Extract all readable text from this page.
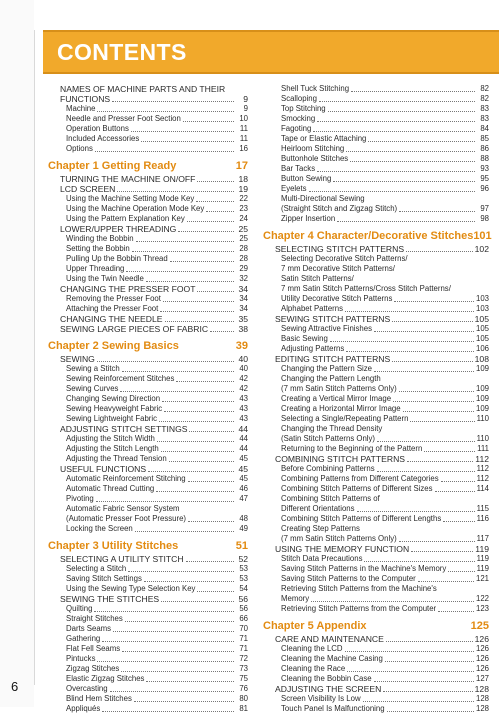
6
CONTENTS
NAMES OF MACHINE PARTS AND THEIR
FUNCTIONS	9
Machine	9
Needle and Presser Foot Section	10
Operation Buttons	11
Included Accessories	11
Options	16
Chapter 1 Getting Ready	17
TURNING THE MACHINE ON/OFF	18
LCD SCREEN	19
Using the Machine Setting Mode Key	22
Using the Machine Operation Mode Key	23
Using the Pattern Explanation Key	24
LOWER/UPPER THREADING	25
Winding the Bobbin	25
Setting the Bobbin	28
Pulling Up the Bobbin Thread	28
Upper Threading	29
Using the Twin Needle	32
CHANGING THE PRESSER FOOT	34
Removing the Presser Foot	34
Attaching the Presser Foot	34
CHANGING THE NEEDLE	35
SEWING LARGE PIECES OF FABRIC	38
Chapter 2 Sewing Basics	39
SEWING	40
Sewing a Stitch	40
Sewing Reinforcement Stitches	42
Sewing Curves	42
Changing Sewing Direction	43
Sewing Heavyweight Fabric	43
Sewing Lightweight Fabric	43
ADJUSTING STITCH SETTINGS	44
Adjusting the Stitch Width	44
Adjusting the Stitch Length	44
Adjusting the Thread Tension	45
USEFUL FUNCTIONS	45
Automatic Reinforcement Stitching	45
Automatic Thread Cutting	46
Pivoting	47
Automatic Fabric Sensor System
(Automatic Presser Foot Pressure)	48
Locking the Screen	49
Chapter 3 Utility Stitches	51
SELECTING A UTILITY STITCH	52
Selecting a Stitch	53
Saving Stitch Settings	53
Using the Sewing Type Selection Key	54
SEWING THE STITCHES	56
Quilting	56
Straight Stitches	66
Darts Seams	70
Gathering	71
Flat Fell Seams	71
Pintucks	72
Zigzag Stitches	73
Elastic Zigzag Stitches	75
Overcasting	76
Blind Hem Stitches	80
Appliqués	81
Shell Tuck Stitching	82
Scalloping	82
Top Stitching	83
Smocking	83
Fagoting	84
Tape or Elastic Attaching	85
Heirloom Stitching	86
Buttonhole Stitches	88
Bar Tacks	93
Button Sewing	95
Eyelets	96
Multi-Directional Sewing
(Straight Stitch and Zigzag Stitch)	97
Zipper Insertion	98
Chapter 4 Character/Decorative Stitches 101
SELECTING STITCH PATTERNS	102
Selecting Decorative Stitch Patterns/
7 mm Decorative Stitch Patterns/
Satin Stitch Patterns/
7 mm Satin Stitch Patterns/Cross Stitch Patterns/
Utility Decorative Stitch Patterns	103
Alphabet Patterns	103
SEWING STITCH PATTERNS	105
Sewing Attractive Finishes	105
Basic Sewing	105
Adjusting Patterns	106
EDITING STITCH PATTERNS	108
Changing the Pattern Size	109
Changing the Pattern Length
(7 mm Satin Stitch Patterns Only)	109
Creating a Vertical Mirror Image	109
Creating a Horizontal Mirror Image	109
Selecting a Single/Repeating Pattern	110
Changing the Thread Density
(Satin Stitch Patterns Only)	110
Returning to the Beginning of the Pattern	111
COMBINING STITCH PATTERNS	112
Before Combining Patterns	112
Combining Patterns from Different Categories	112
Combining Stitch Patterns of Different Sizes	114
Combining Stitch Patterns of
Different Orientations	115
Combining Stitch Patterns of Different Lengths	116
Creating Step Patterns
(7 mm Satin Stitch Patterns Only)	117
USING THE MEMORY FUNCTION	119
Stitch Data Precautions	119
Saving Stitch Patterns in the Machine's Memory	119
Saving Stitch Patterns to the Computer	121
Retrieving Stitch Patterns from the Machine's
Memory	122
Retrieving Stitch Patterns from the Computer	123
Chapter 5 Appendix	125
CARE AND MAINTENANCE	126
Cleaning the LCD	126
Cleaning the Machine Casing	126
Cleaning the Race	126
Cleaning the Bobbin Case	127
ADJUSTING THE SCREEN	128
Screen Visibility Is Low	128
Touch Panel Is Malfunctioning	128
